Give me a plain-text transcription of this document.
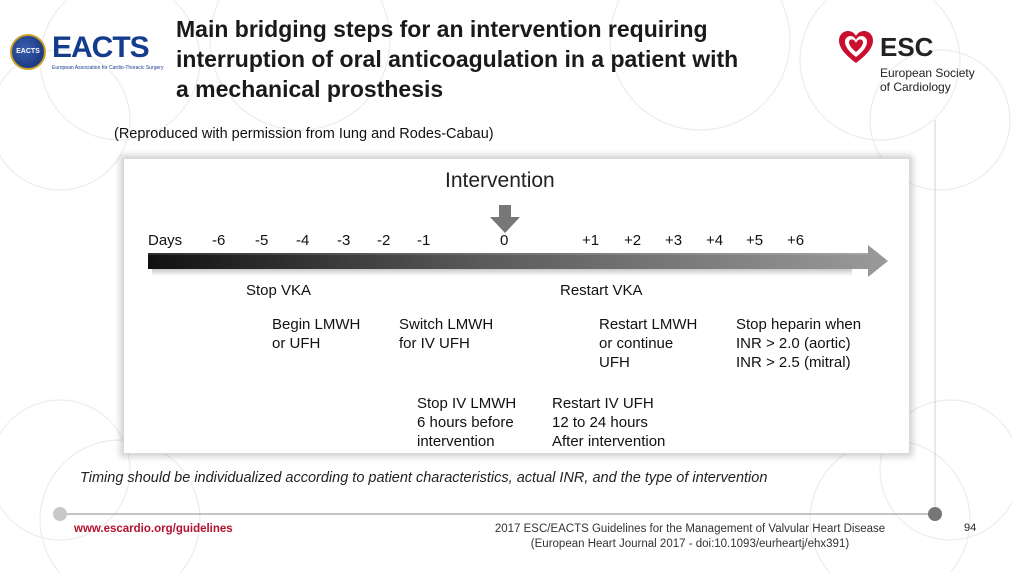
EACTS EACTS
European Association for Cardio-Thoracic Surgery
Main bridging steps for an intervention requiring
interruption of oral anticoagulation in a patient with
a mechanical prosthesis
ESC
European Society
of Cardiology
(Reproduced with permission from Iung and Rodes-Cabau)
Intervention
Days -6 -5 -4 -3 -2 -1	0	+1 +2 +3 +4 +5 +6
Stop VKA	Restart VKA
Begin LMWH
or UFH
Switch LMWH
for IV UFH
Restart LMWH
or continue
UFH
Stop heparin when
INR > 2.0 (aortic)
INR > 2.5 (mitral)
Stop IV LMWH
6 hours before
intervention
Restart IV UFH
12 to 24 hours
After intervention
Timing should be individualized according to patient characteristics, actual INR, and the type of intervention
www.escardio.org/guidelines	2017 ESC/EACTS Guidelines for the Management of Valvular Heart Disease
(European Heart Journal 2017 - doi:10.1093/eurheartj/ehx391)
94
